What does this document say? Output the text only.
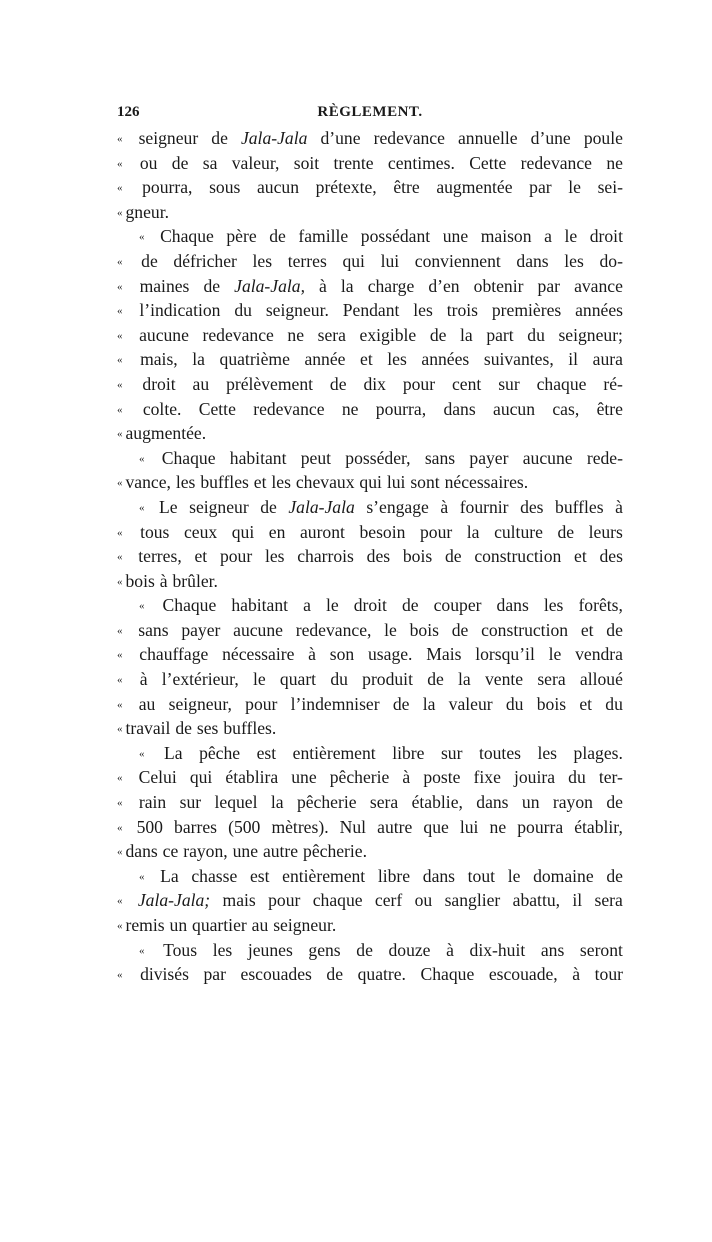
126	RÈGLEMENT.
« seigneur de Jala-Jala d’une redevance annuelle d’une poule
« ou de sa valeur, soit trente centimes. Cette redevance ne
« pourra, sous aucun prétexte, être augmentée par le sei-
« gneur.
« Chaque père de famille possédant une maison a le droit
« de défricher les terres qui lui conviennent dans les do-
« maines de Jala-Jala, à la charge d’en obtenir par avance
« l’indication du seigneur. Pendant les trois premières années
« aucune redevance ne sera exigible de la part du seigneur;
« mais, la quatrième année et les années suivantes, il aura
« droit au prélèvement de dix pour cent sur chaque ré-
« colte. Cette redevance ne pourra, dans aucun cas, être
« augmentée.
« Chaque habitant peut posséder, sans payer aucune rede-
« vance, les buffles et les chevaux qui lui sont nécessaires.
« Le seigneur de Jala-Jala s’engage à fournir des buffles à
« tous ceux qui en auront besoin pour la culture de leurs
« terres, et pour les charrois des bois de construction et des
« bois à brûler.
« Chaque habitant a le droit de couper dans les forêts,
« sans payer aucune redevance, le bois de construction et de
« chauffage nécessaire à son usage. Mais lorsqu’il le vendra
« à l’extérieur, le quart du produit de la vente sera alloué
« au seigneur, pour l’indemniser de la valeur du bois et du
« travail de ses buffles.
« La pêche est entièrement libre sur toutes les plages.
« Celui qui établira une pêcherie à poste fixe jouira du ter-
« rain sur lequel la pêcherie sera établie, dans un rayon de
« 500 barres (500 mètres). Nul autre que lui ne pourra établir,
« dans ce rayon, une autre pêcherie.
« La chasse est entièrement libre dans tout le domaine de
« Jala-Jala; mais pour chaque cerf ou sanglier abattu, il sera
« remis un quartier au seigneur.
« Tous les jeunes gens de douze à dix-huit ans seront
« divisés par escouades de quatre. Chaque escouade, à tour
